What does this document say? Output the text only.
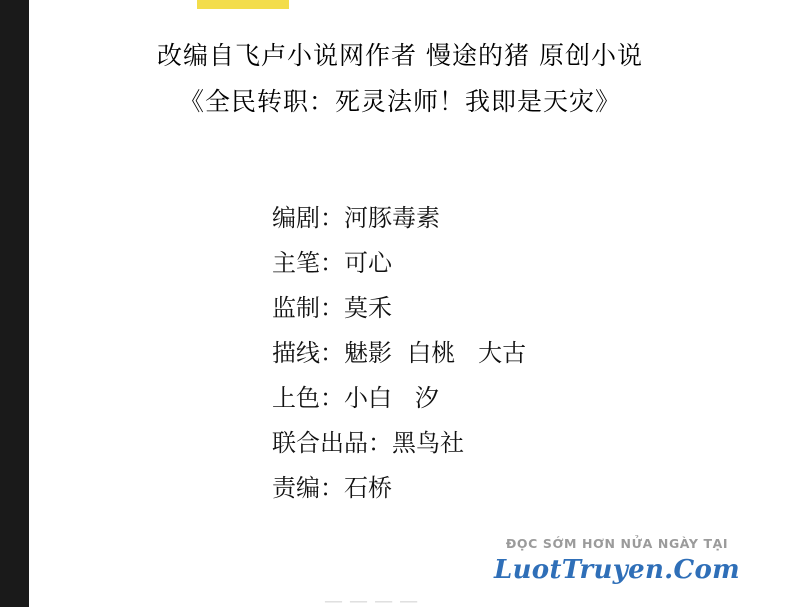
改编自飞卢小说网作者 慢途的猪 原创小说
《全民转职：死灵法师！我即是天灾》
编剧：河豚毒素
主笔：可心
监制：莫禾
描线：魅影  白桃   大古
上色：小白   汐
联合出品：黑鸟社
责编：石桥
ĐỌC SỚM HƠN NỬA NGÀY TẠI
LuotTruyen.Com
— — — —
